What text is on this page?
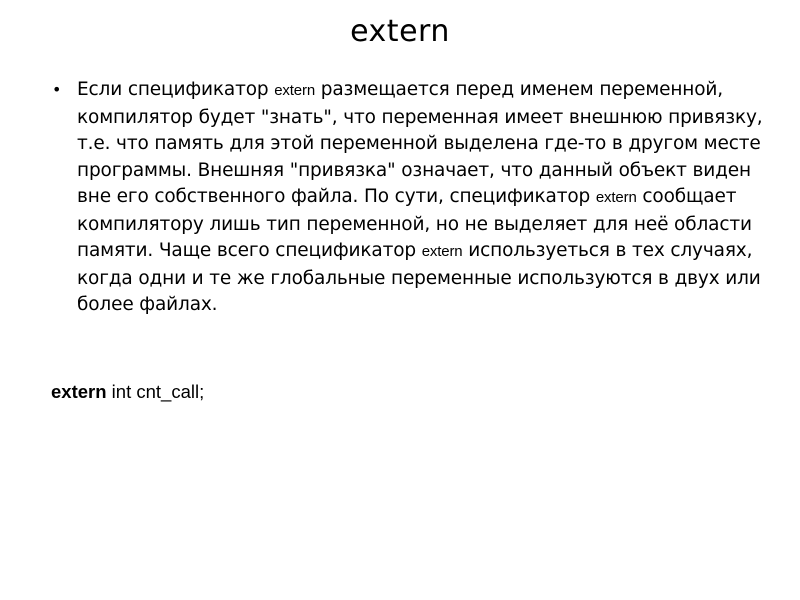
extern
• Если спецификатор extern размещается перед именем переменной, компилятор будет "знать", что переменная имеет внешнюю привязку, т.е. что память для этой переменной выделена где-то в другом месте программы. Внешняя "привязка" означает, что данный объект виден вне его собственного файла. По сути, спецификатор extern сообщает компилятору лишь тип переменной, но не выделяет для неё области памяти. Чаще всего спецификатор extern используеться в тех случаях, когда одни и те же глобальные переменные используются в двух или более файлах.
extern int cnt_call;
